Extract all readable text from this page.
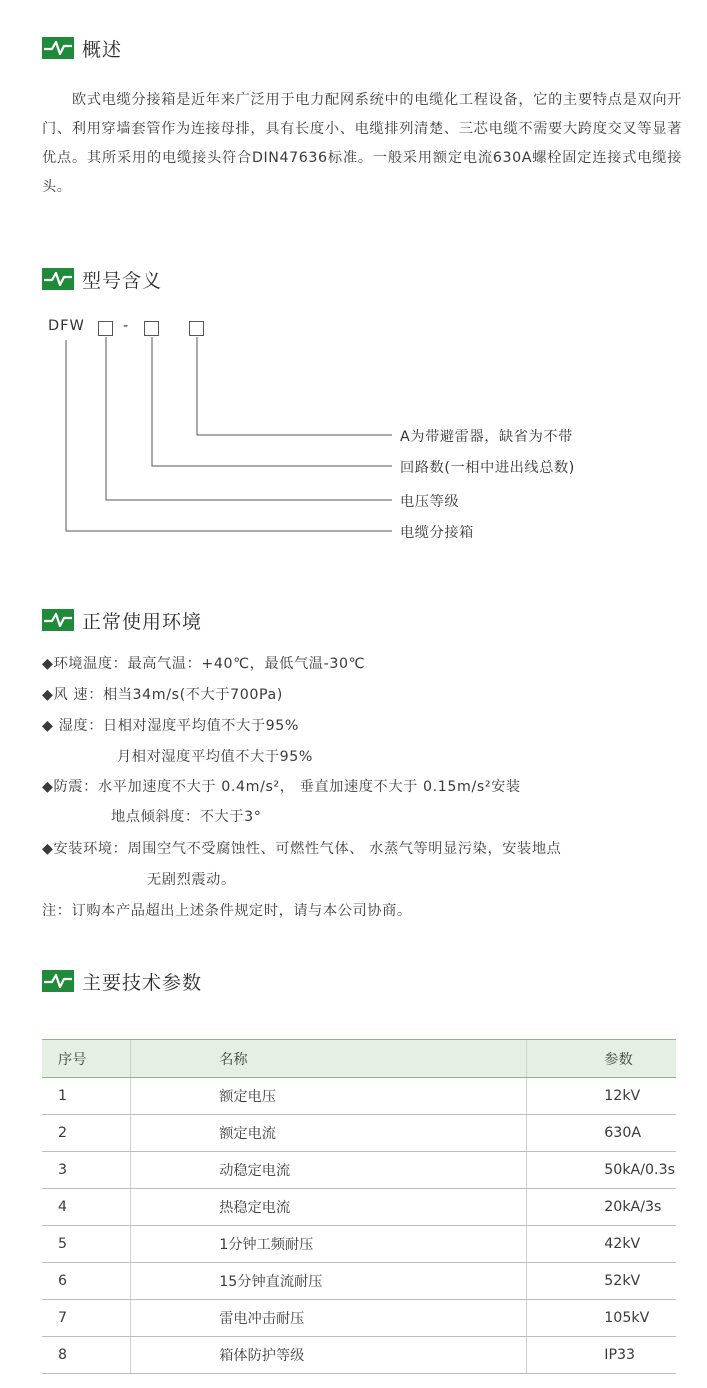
概述
欧式电缆分接箱是近年来广泛用于电力配网系统中的电缆化工程设备，它的主要特点是双向开门、利用穿墙套管作为连接母排，具有长度小、电缆排列清楚、三芯电缆不需要大跨度交叉等显著优点。其所采用的电缆接头符合DIN47636标准。一般采用额定电流630A螺栓固定连接式电缆接头。
型号含义
DFW	-
A为带避雷器，缺省为不带
回路数(一相中进出线总数)
电压等级
电缆分接箱
正常使用环境
◆环境温度：最高气温：+40℃，最低气温-30℃
◆风 速：相当34m/s(不大于700Pa)
◆ 湿度：日相对湿度平均值不大于95%
月相对湿度平均值不大于95%
◆防震：水平加速度不大于 0.4m/s²， 垂直加速度不大于 0.15m/s²安装
地点倾斜度：不大于3°
◆安装环境：周围空气不受腐蚀性、可燃性气体、 水蒸气等明显污染，安装地点
无剧烈震动。
注：订购本产品超出上述条件规定时，请与本公司协商。
主要技术参数
序号	名称	参数
1	额定电压	12kV
2	额定电流	630A
3	动稳定电流	50kA/0.3s
4	热稳定电流	20kA/3s
5	1分钟工频耐压	42kV
6	15分钟直流耐压	52kV
7	雷电冲击耐压	105kV
8	箱体防护等级	IP33
